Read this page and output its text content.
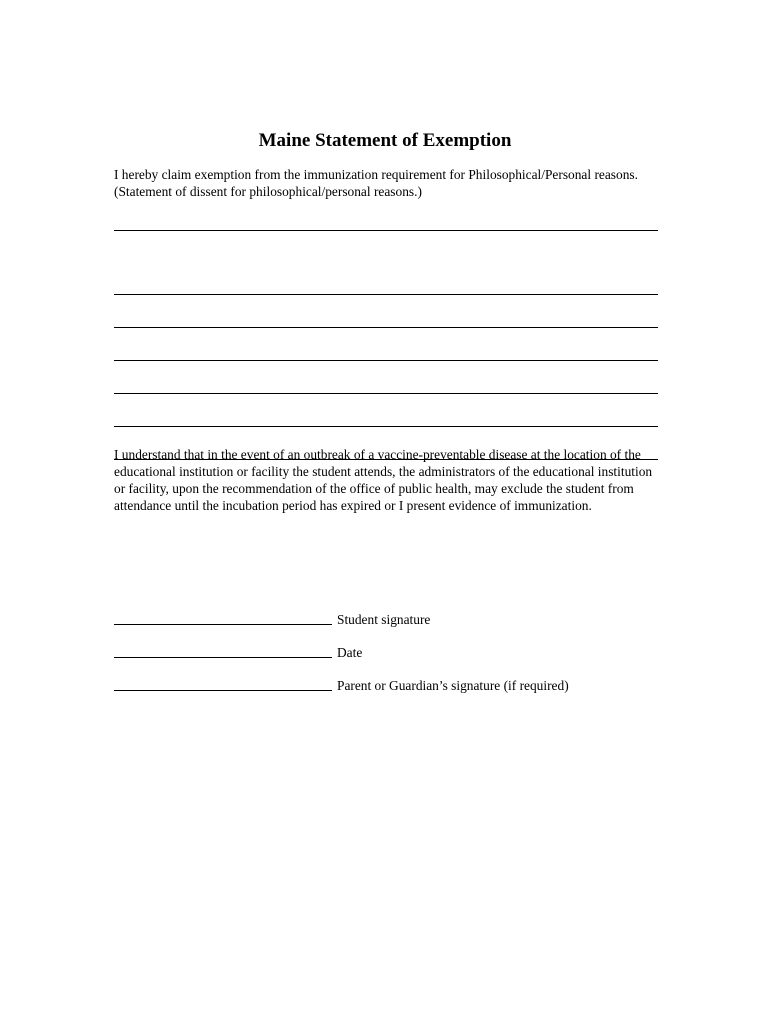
Maine Statement of Exemption

I hereby claim exemption from the immunization requirement for Philosophical/Personal reasons. (Statement of dissent for philosophical/personal reasons.)

I understand that in the event of an outbreak of a vaccine-preventable disease at the location of the educational institution or facility the student attends, the administrators of the educational institution or facility, upon the recommendation of the office of public health, may exclude the student from attendance until the incubation period has expired or I present evidence of immunization.

Student signature
Date
Parent or Guardian’s signature (if required)
